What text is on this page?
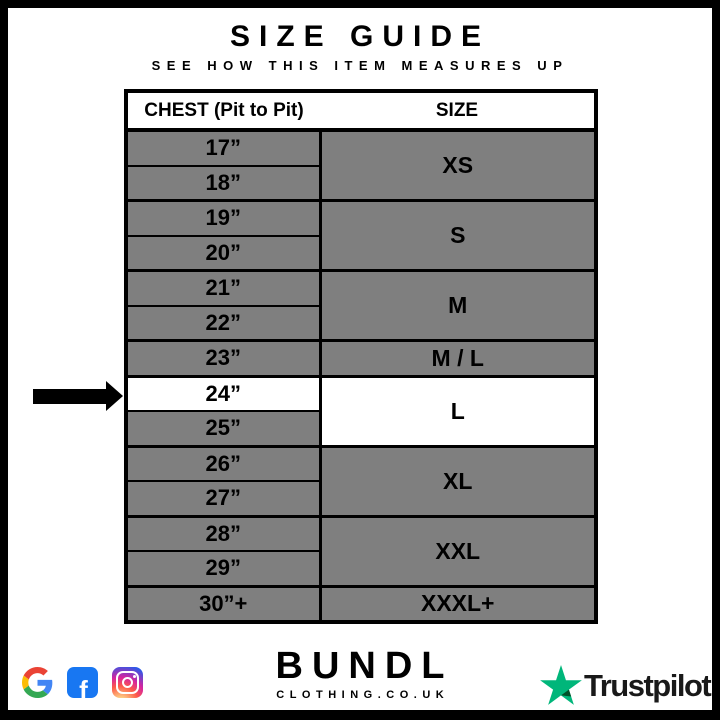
SIZE GUIDE
SEE HOW THIS ITEM MEASURES UP
CHEST (Pit to Pit)	SIZE
17”	XS
18”	
19”	S
20”	
21”	M
22”	
23”	M / L
24”	L
25”	
26”	XL
27”	
28”	XXL
29”	
30”+	XXXL+
f
BUNDL
CLOTHING.CO.UK	Trustpilot
